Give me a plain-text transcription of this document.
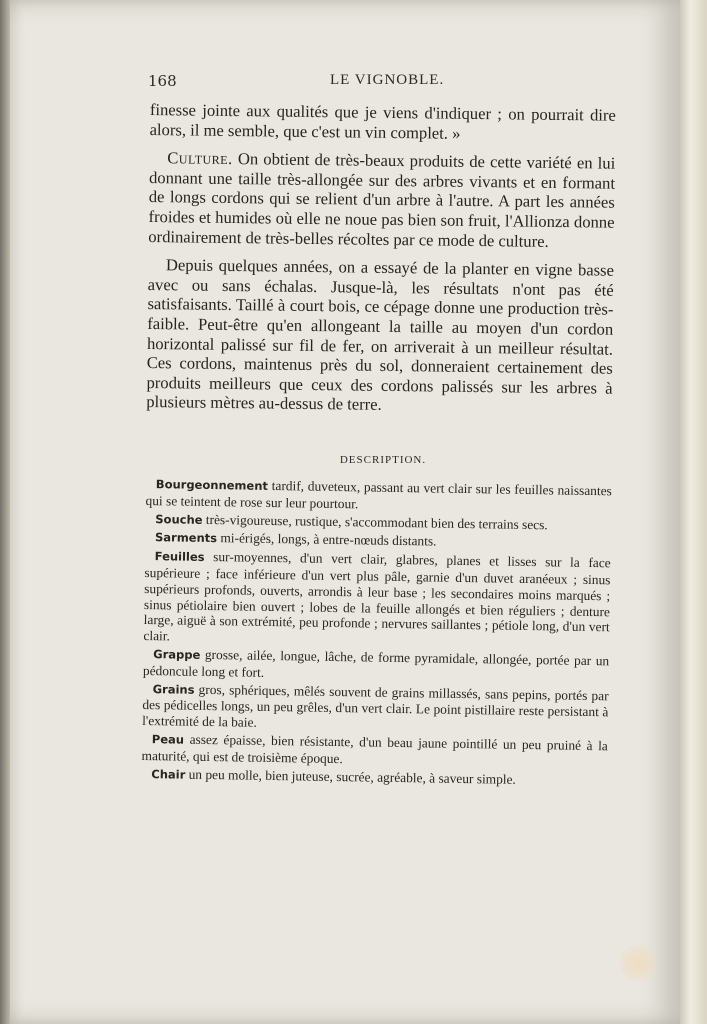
168	LE VIGNOBLE.

finesse jointe aux qualités que je viens d'indiquer ; on pourrait dire alors, il me semble, que c'est un vin complet. »

Culture. On obtient de très-beaux produits de cette variété en lui donnant une taille très-allongée sur des arbres vivants et en formant de longs cordons qui se relient d'un arbre à l'autre. A part les années froides et humides où elle ne noue pas bien son fruit, l'Allionza donne ordinairement de très-belles récoltes par ce mode de culture.

Depuis quelques années, on a essayé de la planter en vigne basse avec ou sans échalas. Jusque-là, les résultats n'ont pas été satisfaisants. Taillé à court bois, ce cépage donne une production très-faible. Peut-être qu'en allongeant la taille au moyen d'un cordon horizontal palissé sur fil de fer, on arriverait à un meilleur résultat. Ces cordons, maintenus près du sol, donneraient certainement des produits meilleurs que ceux des cordons palissés sur les arbres à plusieurs mètres au-dessus de terre.

DESCRIPTION.

Bourgeonnement tardif, duveteux, passant au vert clair sur les feuilles naissantes qui se teintent de rose sur leur pourtour.

Souche très-vigoureuse, rustique, s'accommodant bien des terrains secs.

Sarments mi-érigés, longs, à entre-nœuds distants.

Feuilles sur-moyennes, d'un vert clair, glabres, planes et lisses sur la face supérieure ; face inférieure d'un vert plus pâle, garnie d'un duvet aranéeux ; sinus supérieurs profonds, ouverts, arrondis à leur base ; les secondaires moins marqués ; sinus pétiolaire bien ouvert ; lobes de la feuille allongés et bien réguliers ; denture large, aiguë à son extrémité, peu profonde ; nervures saillantes ; pétiole long, d'un vert clair.

Grappe grosse, ailée, longue, lâche, de forme pyramidale, allongée, portée par un pédoncule long et fort.

Grains gros, sphériques, mêlés souvent de grains millassés, sans pepins, portés par des pédicelles longs, un peu grêles, d'un vert clair. Le point pistillaire reste persistant à l'extrémité de la baie.

Peau assez épaisse, bien résistante, d'un beau jaune pointillé un peu pruiné à la maturité, qui est de troisième époque.

Chair un peu molle, bien juteuse, sucrée, agréable, à saveur simple.
